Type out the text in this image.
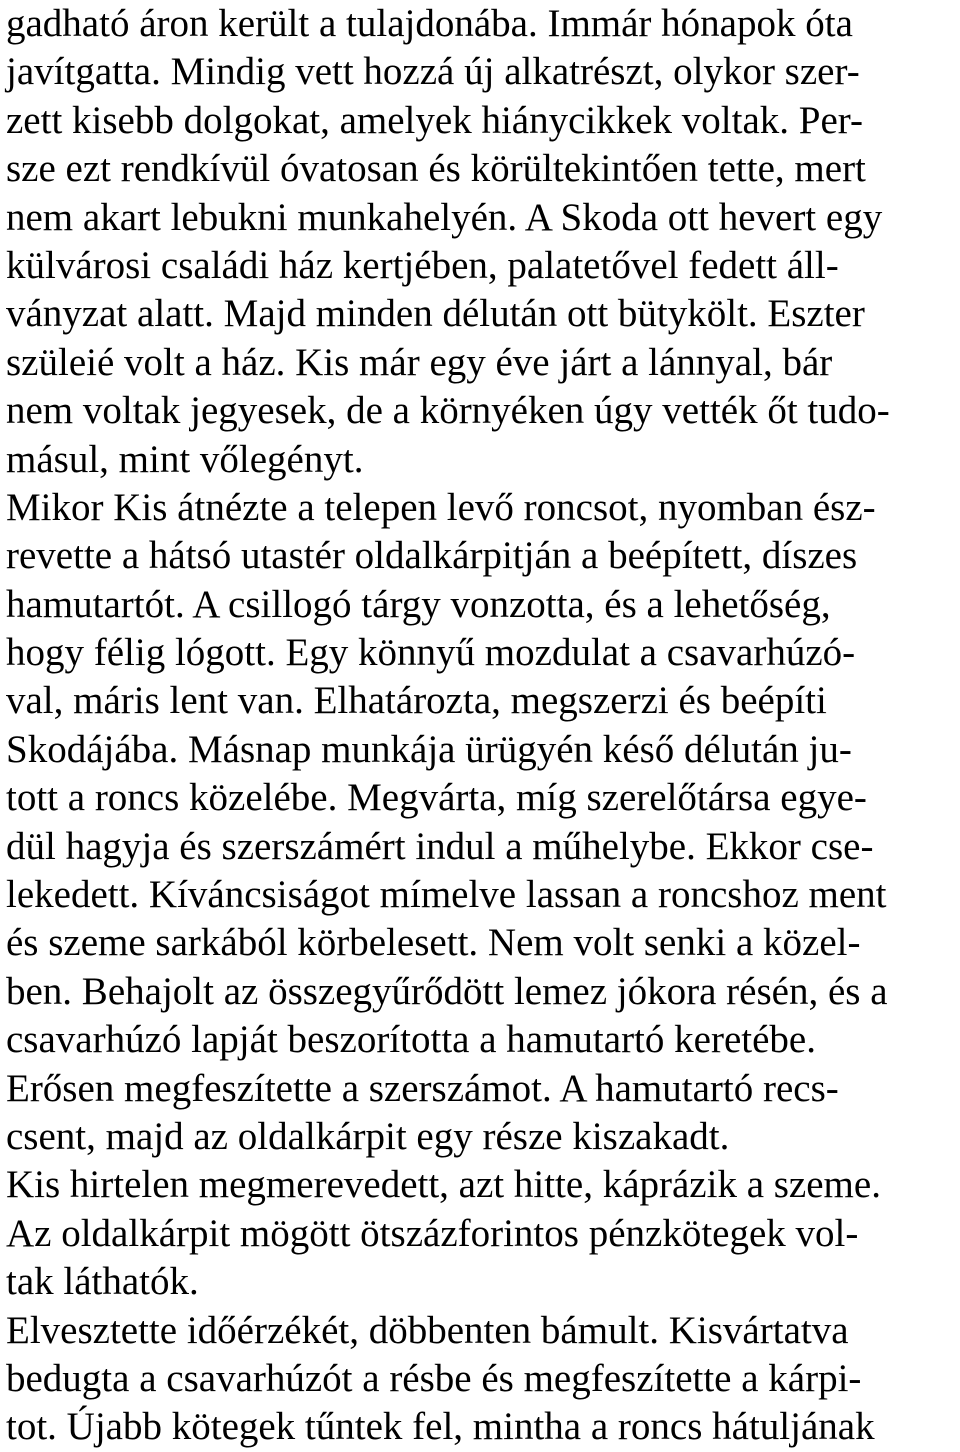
gadható áron került a tulajdonába. Immár hónapok óta
javítgatta. Mindig vett hozzá új alkatrészt, olykor szer-
zett kisebb dolgokat, amelyek hiánycikkek voltak. Per-
sze ezt rendkívül óvatosan és körültekintően tette, mert
nem akart lebukni munkahelyén. A Skoda ott hevert egy
külvárosi családi ház kertjében, palatetővel fedett áll-
ványzat alatt. Majd minden délután ott bütykölt. Eszter
szüleié volt a ház. Kis már egy éve járt a lánnyal, bár
nem voltak jegyesek, de a környéken úgy vették őt tudo-
másul, mint vőlegényt.
Mikor Kis átnézte a telepen levő roncsot, nyomban ész-
revette a hátsó utastér oldalkárpitján a beépített, díszes
hamutartót. A csillogó tárgy vonzotta, és a lehetőség,
hogy félig lógott. Egy könnyű mozdulat a csavarhúzó-
val, máris lent van. Elhatározta, megszerzi és beépíti
Skodájába. Másnap munkája ürügyén késő délután ju-
tott a roncs közelébe. Megvárta, míg szerelőtársa egye-
dül hagyja és szerszámért indul a műhelybe. Ekkor cse-
lekedett. Kíváncsiságot mímelve lassan a roncshoz ment
és szeme sarkából körbelesett. Nem volt senki a közel-
ben. Behajolt az összegyűrődött lemez jókora résén, és a
csavarhúzó lapját beszorította a hamutartó keretébe.
Erősen megfeszítette a szerszámot. A hamutartó recs-
csent, majd az oldalkárpit egy része kiszakadt.
Kis hirtelen megmerevedett, azt hitte, káprázik a szeme.
Az oldalkárpit mögött ötszázforintos pénzkötegek vol-
tak láthatók.
Elvesztette időérzékét, döbbenten bámult. Kisvártatva
bedugta a csavarhúzót a résbe és megfeszítette a kárpi-
tot. Újabb kötegek tűntek fel, mintha a roncs hátuljának
